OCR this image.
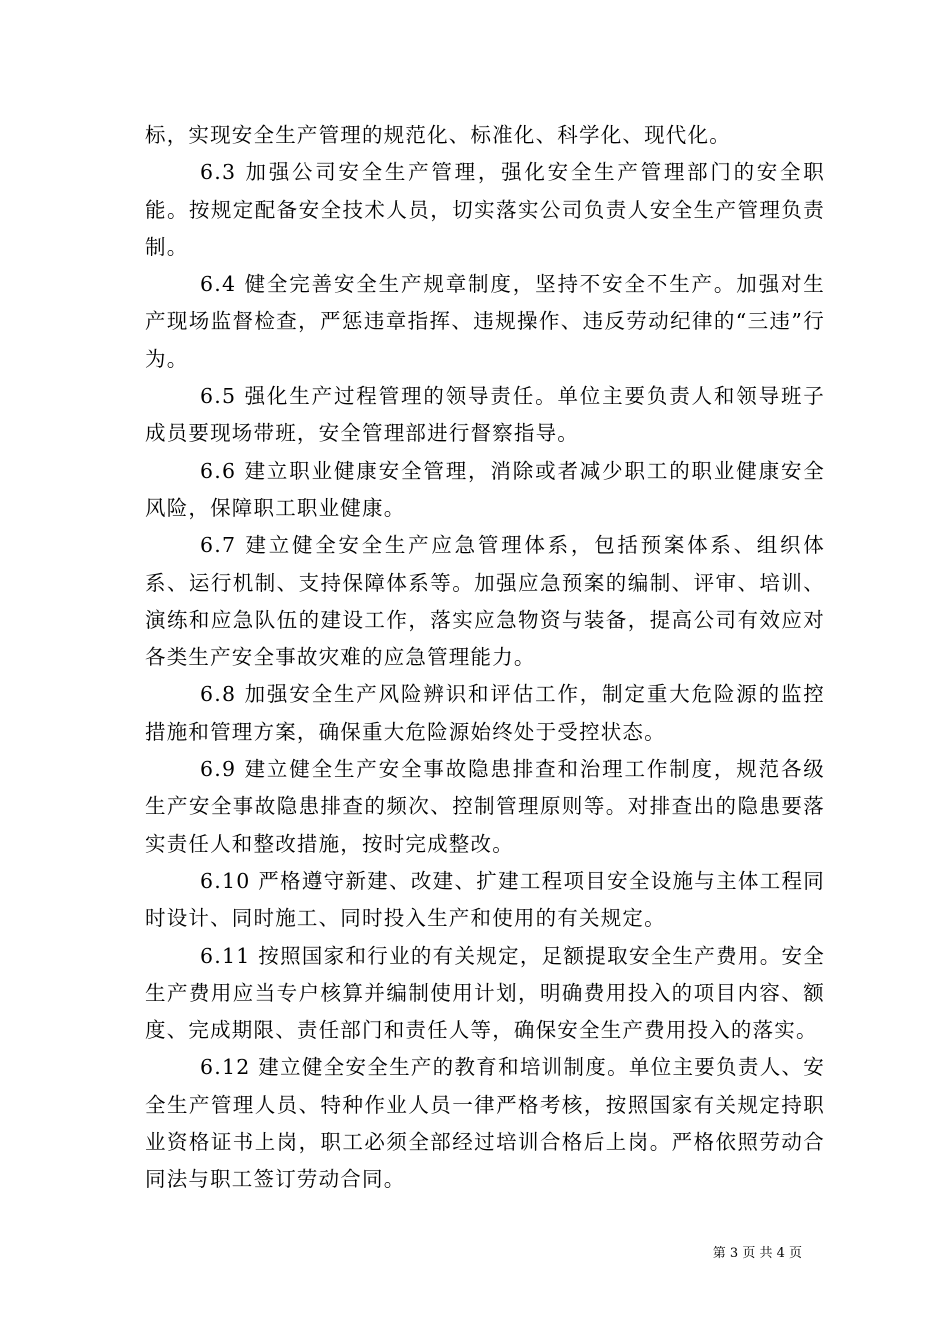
标，实现安全生产管理的规范化、标准化、科学化、现代化。

6.3 加强公司安全生产管理，强化安全生产管理部门的安全职能。按规定配备安全技术人员，切实落实公司负责人安全生产管理负责制。

6.4 健全完善安全生产规章制度，坚持不安全不生产。加强对生产现场监督检查，严惩违章指挥、违规操作、违反劳动纪律的“三违”行为。

6.5 强化生产过程管理的领导责任。单位主要负责人和领导班子成员要现场带班，安全管理部进行督察指导。

6.6 建立职业健康安全管理，消除或者减少职工的职业健康安全风险，保障职工职业健康。

6.7 建立健全安全生产应急管理体系，包括预案体系、组织体系、运行机制、支持保障体系等。加强应急预案的编制、评审、培训、演练和应急队伍的建设工作，落实应急物资与装备，提高公司有效应对各类生产安全事故灾难的应急管理能力。

6.8 加强安全生产风险辨识和评估工作，制定重大危险源的监控措施和管理方案，确保重大危险源始终处于受控状态。

6.9 建立健全生产安全事故隐患排查和治理工作制度，规范各级生产安全事故隐患排查的频次、控制管理原则等。对排查出的隐患要落实责任人和整改措施，按时完成整改。

6.10 严格遵守新建、改建、扩建工程项目安全设施与主体工程同时设计、同时施工、同时投入生产和使用的有关规定。

6.11 按照国家和行业的有关规定，足额提取安全生产费用。安全生产费用应当专户核算并编制使用计划，明确费用投入的项目内容、额度、完成期限、责任部门和责任人等，确保安全生产费用投入的落实。

6.12 建立健全安全生产的教育和培训制度。单位主要负责人、安全生产管理人员、特种作业人员一律严格考核，按照国家有关规定持职业资格证书上岗，职工必须全部经过培训合格后上岗。严格依照劳动合同法与职工签订劳动合同。

第 3 页 共 4 页
